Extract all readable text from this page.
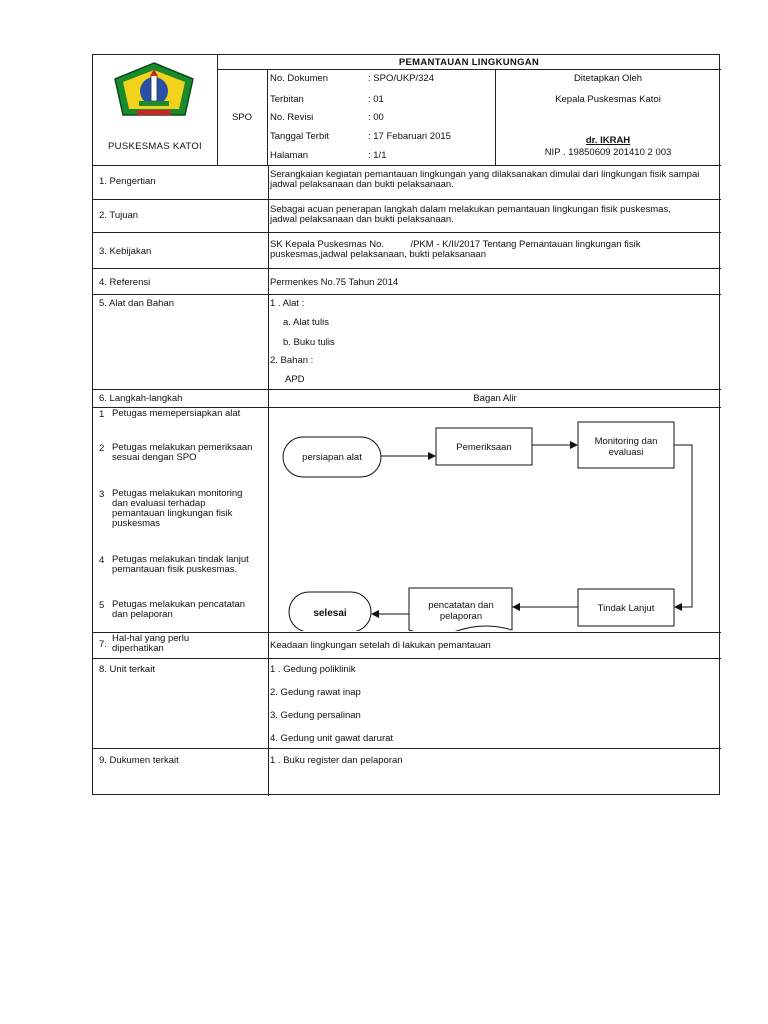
PUSKESMAS KATOI
PEMANTAUAN LINGKUNGAN
SPO
No. Dokumen	: SPO/UKP/324
Terbitan	: 01
No. Revisi	: 00
Tanggal Terbit	: 17 Febaruari 2015
Halaman	: 1/1
Ditetapkan Oleh
Kepala Puskesmas Katoi
dr. IKRAH
NIP . 19850609 201410 2 003
1. Pengertian
Serangkaian kegiatan pemantauan lingkungan yang dilaksanakan dimulai dari lingkungan fisik sampai jadwal pelaksanaan dan bukti pelaksanaan.
2. Tujuan
Sebagai acuan penerapan langkah dalam melakukan pemantauan lingkungan fisik puskesmas, jadwal pelaksanaan dan bukti pelaksanaan.
3. Kebijakan
SK Kepala Puskesmas No.          /PKM - K/II/2017 Tentang Pemantauan lingkungan fisik puskesmas,jadwal pelaksanaan, bukti pelaksanaan
4. Referensi	Permenkes No.75 Tahun 2014
5. Alat dan Bahan	1 . Alat :
a. Alat tulis
b. Buku tulis
2. Bahan :
APD
6. Langkah-langkah	Bagan Alir
1 Petugas memepersiapkan alat
2 Petugas melakukan pemeriksaan sesuai dengan SPO
3 Petugas melakukan monitoring dan evaluasi terhadap pemantauan lingkungan fisik puskesmas
4 Petugas melakukan tindak lanjut pemantauan fisik puskesmas.
5 Petugas melakukan pencatatan dan pelaporan
persiapan alat
Pemeriksaan
Monitoring dan
evaluasi
Tindak Lanjut
pencatatan dan
pelaporan
selesai
7.
Hal-hal yang perlu diperhatikan	Keadaan lingkungan setelah di lakukan pemantauan
8. Unit terkait	1 . Gedung poliklinik
2. Gedung rawat inap
3. Gedung persalinan
4. Gedung unit gawat darurat
9. Dukumen terkait	1 . Buku register dan pelaporan
